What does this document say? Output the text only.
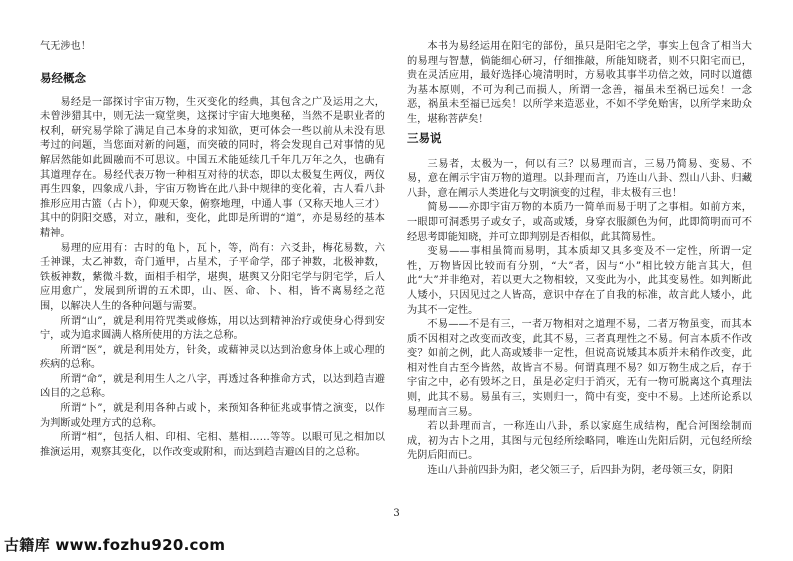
气无涉也！

易经概念

易经是一部探讨宇宙万物，生灭变化的经典，其包含之广及运用之大，未曾涉猎其中，则无法一窥堂奥，这探讨宇宙大地奥秘，当然不是职业者的权利，研究易学除了满足自己本身的求知欲，更可体会一些以前从未没有思考过的问题，当您面对新的问题，而突破的同时，将会发现自己对事情的见解居然能如此圆融而不可思议。中国五术能延续几千年几万年之久，也确有其道理存在。易经代表万物一种相互对待的状态，即以太极复生两仪，两仪再生四象，四象成八卦，宇宙万物皆在此八卦中规律的变化着，古人看八卦推形应用古篮（占卜），仰观天象，俯察地理，中通人事（又称天地人三才）其中的阴阳交感，对立，融和，变化，此即是所谓的“道”，亦是易经的基本精神。

易理的应用有：古时的龟卜，瓦卜，等，尚有：六爻卦，梅花易数，六壬神课，太乙神数，奇门遁甲，占星术，子平命学，邵子神数，北极神数，铁板神数，紫微斗数，面相手相学，堪舆，堪舆又分阳宅学与阴宅学，后人应用愈广，发展到所谓的五术即，山、医、命、卜、相，皆不离易经之范围，以解决人生的各种问题与需要。

所谓“山”，就是利用符咒类或修炼，用以达到精神治疗或使身心得到安宁，或为追求圆满人格所使用的方法之总称。

所谓“医”，就是利用处方，针灸，或藉神灵以达到治愈身体上或心理的疾病的总称。

所谓“命”，就是利用生人之八字，再透过各种推命方式，以达到趋吉避凶目的之总称。

所谓“卜”，就是利用各种占或卜，来预知各种征兆或事情之演变，以作为判断或处理方式的总称。

所谓“相”，包括人相、印相、宅相、墓相……等等。以眼可见之相加以推演运用，观察其变化，以作改变或附和，而达到趋吉避凶目的之总称。

本书为易经运用在阳宅的部份，虽只是阳宅之学，事实上包含了相当大的易理与智慧，倘能细心研习，仔细推敲，所能知晓者，则不只阳宅而已，贵在灵活应用，最好选择心境清明时，方易收其事半功倍之效，同时以道德为基本原则，不可为利己而损人，所谓一念善，福虽未至祸已远矣！一念恶，祸虽未至福已远矣！以所学来造恶业，不如不学免贻害，以所学来助众生，堪称菩萨矣！

三易说

三易者，太极为一，何以有三？以易理而言，三易乃简易、变易、不易，意在阐示宇宙万物的道理。以卦理而言，乃连山八卦、烈山八卦、归藏八卦，意在阐示人类进化与文明演变的过程，非太极有三也！

简易——亦即宇宙万物的本质乃一简单而易于明了之事相。如前方来，一眼即可洞悉男子或女子，或高或矮，身穿衣服颜色为何，此即简明而可不经思考即能知晓，并可立即判别是否相似，此其简易性。

变易——事相虽简而易明，其本质却又具多变及不一定性，所谓一定性，万物皆因比较而有分别，“大”者，因与“小”相比较方能言其大，但此“大”并非绝对，若以更大之物相较，又变此为小，此其变易性。如判断此人矮小，只因见过之人皆高，意识中存在了自我的标准，故言此人矮小，此为其不一定性。

不易——不是有三，一者万物相对之道理不易，二者万物虽变，而其本质不因相对之改变而改变，此其不易，三者真理性之不易。何言本质不作改变？如前之例，此人高或矮非一定性，但说高说矮其本质并未稍作改变，此相对性自古至今皆然，故皆言不易。何谓真理不易？如万物生成之后，存于宇宙之中，必有毁坏之日，虽是必定归于消灭，无有一物可脱离这个真理法则，此其不易。易虽有三，实则归一，简中有变，变中不易。上述所论系以易理而言三易。

若以卦理而言，一称连山八卦，系以家庭生成结构，配合河图绘制而成，初为古卜之用，其图与元包经所绘略同，唯连山先阳后阴，元包经所绘先阴后阳而已。

连山八卦前四卦为阳，老父领三子，后四卦为阴，老母领三女，阴阳

3
古籍库 www.fozhu920.com
